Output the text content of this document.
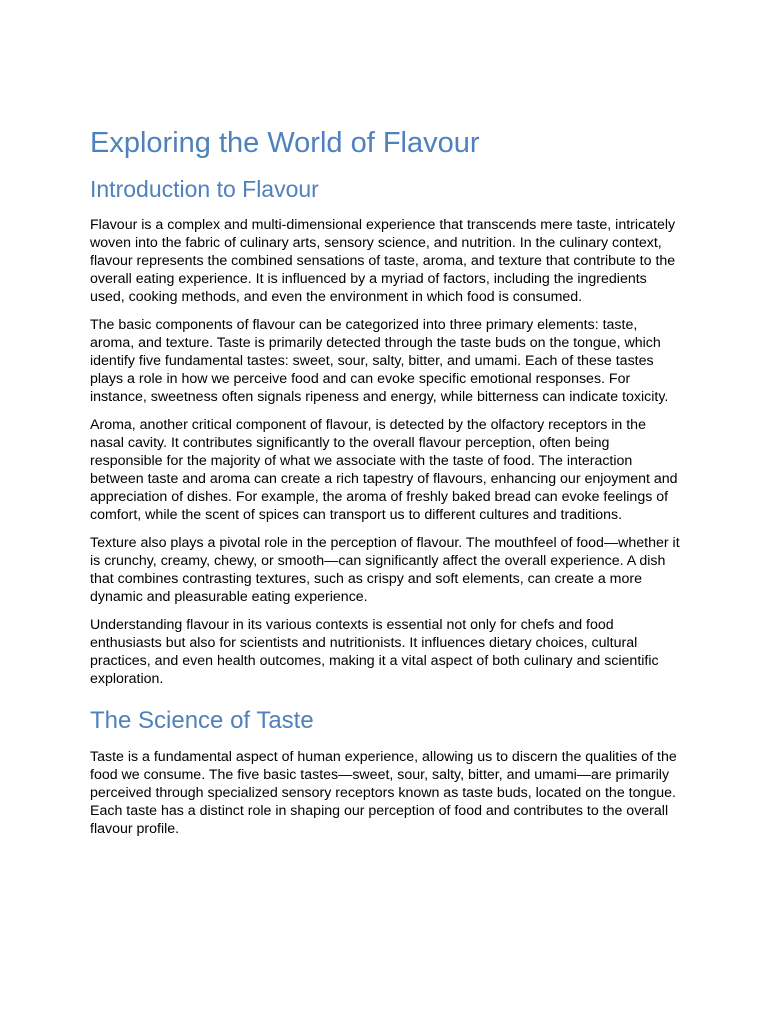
Exploring the World of Flavour
Introduction to Flavour

Flavour is a complex and multi-dimensional experience that transcends mere taste, intricately woven into the fabric of culinary arts, sensory science, and nutrition. In the culinary context, flavour represents the combined sensations of taste, aroma, and texture that contribute to the overall eating experience. It is influenced by a myriad of factors, including the ingredients used, cooking methods, and even the environment in which food is consumed.

The basic components of flavour can be categorized into three primary elements: taste, aroma, and texture. Taste is primarily detected through the taste buds on the tongue, which identify five fundamental tastes: sweet, sour, salty, bitter, and umami. Each of these tastes plays a role in how we perceive food and can evoke specific emotional responses. For instance, sweetness often signals ripeness and energy, while bitterness can indicate toxicity.

Aroma, another critical component of flavour, is detected by the olfactory receptors in the nasal cavity. It contributes significantly to the overall flavour perception, often being responsible for the majority of what we associate with the taste of food. The interaction between taste and aroma can create a rich tapestry of flavours, enhancing our enjoyment and appreciation of dishes. For example, the aroma of freshly baked bread can evoke feelings of comfort, while the scent of spices can transport us to different cultures and traditions.

Texture also plays a pivotal role in the perception of flavour. The mouthfeel of food—whether it is crunchy, creamy, chewy, or smooth—can significantly affect the overall experience. A dish that combines contrasting textures, such as crispy and soft elements, can create a more dynamic and pleasurable eating experience.

Understanding flavour in its various contexts is essential not only for chefs and food enthusiasts but also for scientists and nutritionists. It influences dietary choices, cultural practices, and even health outcomes, making it a vital aspect of both culinary and scientific exploration.

The Science of Taste

Taste is a fundamental aspect of human experience, allowing us to discern the qualities of the food we consume. The five basic tastes—sweet, sour, salty, bitter, and umami—are primarily perceived through specialized sensory receptors known as taste buds, located on the tongue. Each taste has a distinct role in shaping our perception of food and contributes to the overall flavour profile.
